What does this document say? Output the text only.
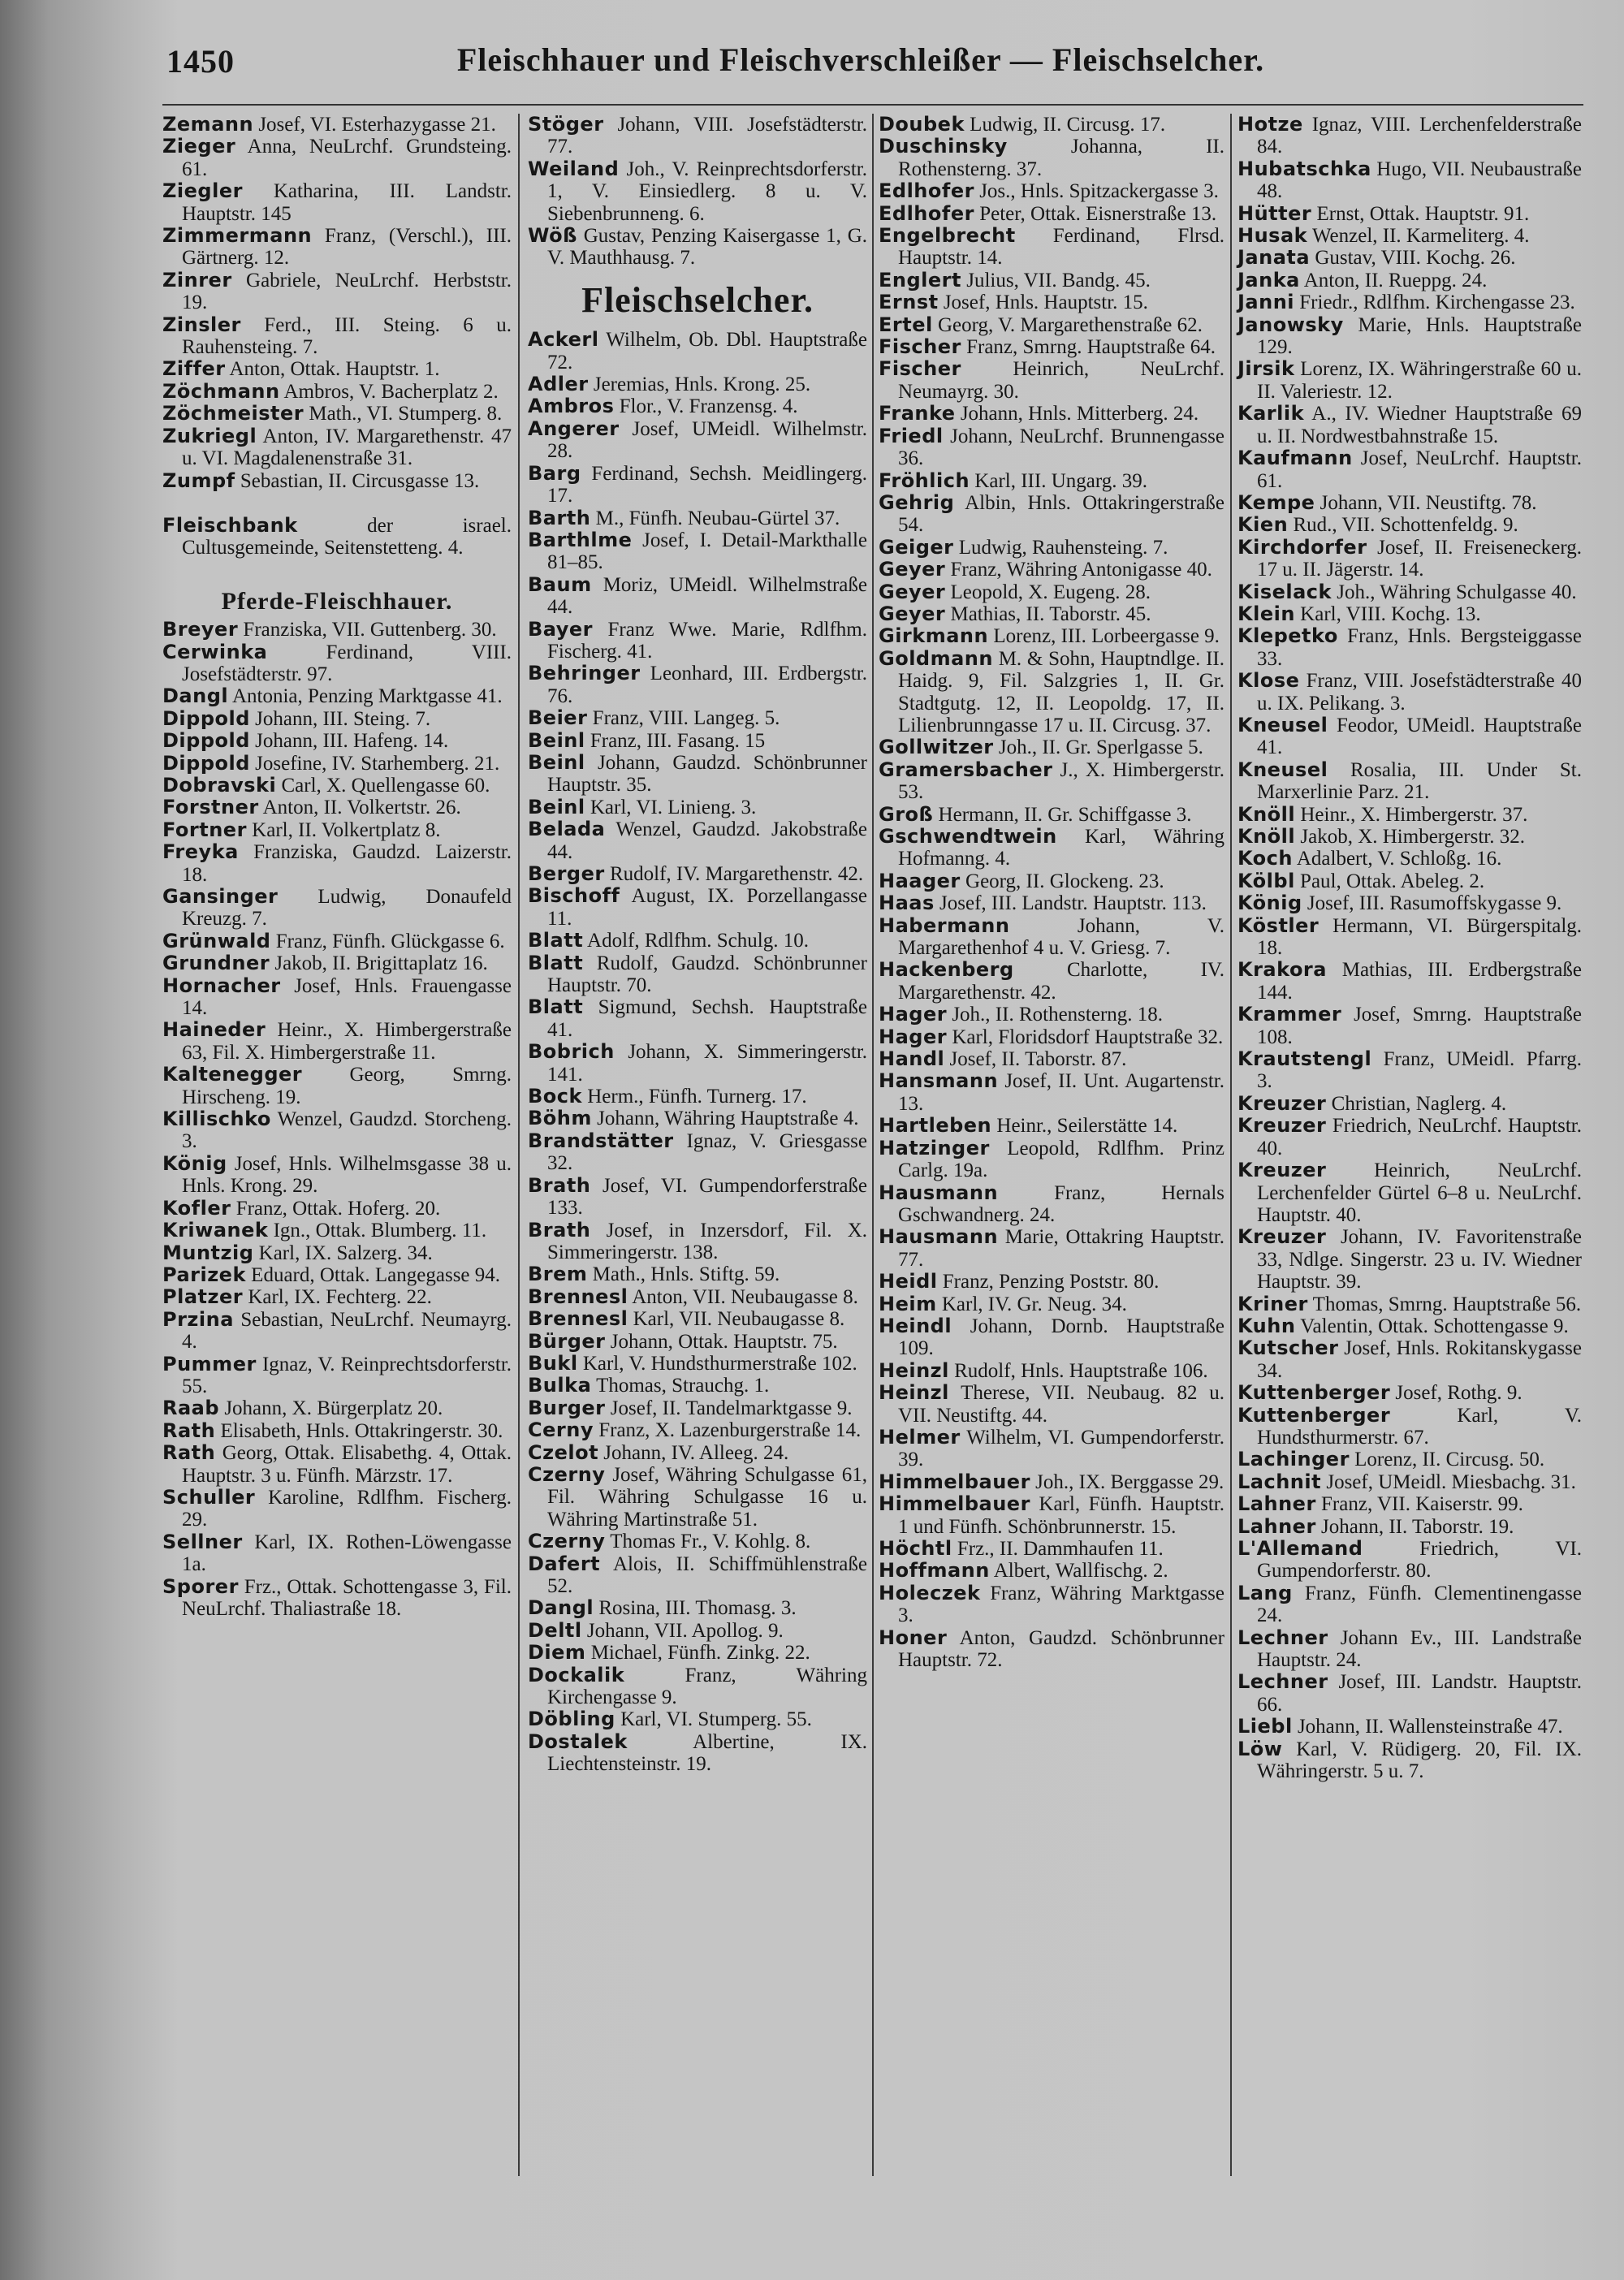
1450	Fleischhauer und Fleischverschleißer — Fleischselcher.
Zemann Josef, VI. Esterhazygasse 21.
Zieger Anna, NeuLrchf. Grundsteing. 61.
Ziegler Katharina, III. Landstr. Hauptstr. 145
Zimmermann Franz, (Verschl.), III. Gärtnerg. 12.
Zinrer Gabriele, NeuLrchf. Herbststr. 19.
Zinsler Ferd., III. Steing. 6 u. Rauhensteing. 7.
Ziffer Anton, Ottak. Hauptstr. 1.
Zöchmann Ambros, V. Bacherplatz 2.
Zöchmeister Math., VI. Stumperg. 8.
Zukriegl Anton, IV. Margarethenstr. 47 u. VI. Magdalenenstraße 31.
Zumpf Sebastian, II. Circusgasse 13.
Fleischbank	der israel. Cultusgemeinde, Seitenstetteng. 4.
Pferde-Fleischhauer.
Breyer Franziska, VII. Guttenberg. 30.
Cerwinka	Ferdinand, VIII. Josefstädterstr. 97.
Dangl Antonia, Penzing Marktgasse 41.
Dippold Johann, III. Steing. 7.
Dippold Johann, III. Hafeng. 14.
Dippold Josefine, IV. Starhemberg. 21.
Dobravski Carl, X. Quellengasse 60.
Forstner Anton, II. Volkertstr. 26.
Fortner Karl, II. Volkertplatz 8.
Freyka Franziska, Gaudzd. Laizerstr. 18.
Gansinger Ludwig, Donaufeld Kreuzg. 7.
Grünwald Franz, Fünfh. Glückgasse 6.
Grundner Jakob, II. Brigittaplatz 16.
Hornacher Josef, Hnls. Frauengasse 14.
Haineder Heinr., X. Himbergerstraße 63, Fil. X. Himbergerstraße 11.
Kaltenegger Georg, Smrng. Hirscheng. 19.
Killischko Wenzel, Gaudzd. Storcheng. 3.
König Josef, Hnls. Wilhelmsgasse 38 u. Hnls. Krong. 29.
Kofler Franz, Ottak. Hoferg. 20.
Kriwanek Ign., Ottak. Blumberg. 11.
Muntzig Karl, IX. Salzerg. 34.
Parizek Eduard, Ottak. Langegasse 94.
Platzer Karl, IX. Fechterg. 22.
Przina Sebastian, NeuLrchf. Neumayrg. 4.
Pummer Ignaz, V. Reinprechtsdorferstr. 55.
Raab Johann, X. Bürgerplatz 20.
Rath Elisabeth, Hnls. Ottakringerstr. 30.
Rath Georg, Ottak. Elisabethg. 4, Ottak. Hauptstr. 3 u. Fünfh. Märzstr. 17.
Schuller Karoline, Rdlfhm. Fischerg. 29.
Sellner Karl, IX. Rothen-Löwengasse 1a.
Sporer Frz., Ottak. Schottengasse 3, Fil. NeuLrchf. Thaliastraße 18.
Stöger Johann, VIII. Josefstädterstr. 77.
Weiland Joh., V. Reinprechtsdorferstr. 1, V. Einsiedlerg. 8 u. V. Siebenbrunneng. 6.
Wöß Gustav, Penzing Kaisergasse 1, G. V. Mauthhausg. 7.
Fleischselcher.
Ackerl Wilhelm, Ob. Dbl. Hauptstraße 72.
Adler Jeremias, Hnls. Krong. 25.
Ambros Flor., V. Franzensg. 4.
Angerer Josef, UMeidl. Wilhelmstr. 28.
Barg Ferdinand, Sechsh. Meidlingerg. 17.
Barth M., Fünfh. Neubau-Gürtel 37.
Barthlme Josef, I. Detail-Markthalle 81–85.
Baum Moriz, UMeidl. Wilhelmstraße 44.
Bayer Franz Wwe. Marie, Rdlfhm. Fischerg. 41.
Behringer Leonhard, III. Erdbergstr. 76.
Beier Franz, VIII. Langeg. 5.
Beinl Franz, III. Fasang. 15
Beinl Johann, Gaudzd. Schönbrunner Hauptstr. 35.
Beinl Karl, VI. Linieng. 3.
Belada Wenzel, Gaudzd. Jakobstraße 44.
Berger Rudolf, IV. Margarethenstr. 42.
Bischoff August, IX. Porzellangasse 11.
Blatt Adolf, Rdlfhm. Schulg. 10.
Blatt Rudolf, Gaudzd. Schönbrunner Hauptstr. 70.
Blatt Sigmund, Sechsh. Hauptstraße 41.
Bobrich Johann, X. Simmeringerstr. 141.
Bock Herm., Fünfh. Turnerg. 17.
Böhm Johann, Währing Hauptstraße 4.
Brandstätter Ignaz, V. Griesgasse 32.
Brath Josef, VI. Gumpendorferstraße 133.
Brath Josef, in Inzersdorf, Fil. X. Simmeringerstr. 138.
Brem Math., Hnls. Stiftg. 59.
Brennesl Anton, VII. Neubaugasse 8.
Brennesl Karl, VII. Neubaugasse 8.
Bürger Johann, Ottak. Hauptstr. 75.
Bukl Karl, V. Hundsthurmerstraße 102.
Bulka Thomas, Strauchg. 1.
Burger Josef, II. Tandelmarktgasse 9.
Cerny Franz, X. Lazenburgerstraße 14.
Czelot Johann, IV. Alleeg. 24.
Czerny Josef, Währing Schulgasse 61, Fil. Währing Schulgasse 16 u. Währing Martinstraße 51.
Czerny Thomas Fr., V. Kohlg. 8.
Dafert Alois, II. Schiffmühlenstraße 52.
Dangl Rosina, III. Thomasg. 3.
Deltl Johann, VII. Apollog. 9.
Diem Michael, Fünfh. Zinkg. 22.
Dockalik	Franz, Währing Kirchengasse 9.
Döbling Karl, VI. Stumperg. 55.
Dostalek	Albertine, IX. Liechtensteinstr. 19.
Doubek Ludwig, II. Circusg. 17.
Duschinsky	Johanna, II. Rothensterng. 37.
Edlhofer Jos., Hnls. Spitzackergasse 3.
Edlhofer Peter, Ottak. Eisnerstraße 13.
Engelbrecht Ferdinand, Flrsd. Hauptstr. 14.
Englert Julius, VII. Bandg. 45.
Ernst Josef, Hnls. Hauptstr. 15.
Ertel Georg, V. Margarethenstraße 62.
Fischer Franz, Smrng. Hauptstraße 64.
Fischer	Heinrich, NeuLrchf. Neumayrg. 30.
Franke Johann, Hnls. Mitterberg. 24.
Friedl Johann, NeuLrchf. Brunnengasse 36.
Fröhlich Karl, III. Ungarg. 39.
Gehrig Albin, Hnls. Ottakringerstraße 54.
Geiger Ludwig, Rauhensteing. 7.
Geyer Franz, Währing Antonigasse 40.
Geyer Leopold, X. Eugeng. 28.
Geyer Mathias, II. Taborstr. 45.
Girkmann Lorenz, III. Lorbeergasse 9.
Goldmann M. & Sohn, Hauptndlge. II. Haidg. 9, Fil. Salzgries 1, II. Gr. Stadtgutg. 12, II. Leopoldg. 17, II. Lilienbrunngasse 17 u. II. Circusg. 37.
Gollwitzer Joh., II. Gr. Sperlgasse 5.
Gramersbacher J., X. Himbergerstr. 53.
Groß Hermann, II. Gr. Schiffgasse 3.
Gschwendtwein Karl, Währing Hofmanng. 4.
Haager Georg, II. Glockeng. 23.
Haas Josef, III. Landstr. Hauptstr. 113.
Habermann	Johann, V. Margarethenhof 4 u. V. Griesg. 7.
Hackenberg	Charlotte, IV. Margarethenstr. 42.
Hager Joh., II. Rothensterng. 18.
Hager Karl, Floridsdorf Hauptstraße 32.
Handl Josef, II. Taborstr. 87.
Hansmann Josef, II. Unt. Augartenstr. 13.
Hartleben Heinr., Seilerstätte 14.
Hatzinger Leopold, Rdlfhm. Prinz Carlg. 19a.
Hausmann	Franz, Hernals Gschwandnerg. 24.
Hausmann Marie, Ottakring Hauptstr. 77.
Heidl Franz, Penzing Poststr. 80.
Heim Karl, IV. Gr. Neug. 34.
Heindl Johann, Dornb. Hauptstraße 109.
Heinzl Rudolf, Hnls. Hauptstraße 106.
Heinzl Therese, VII. Neubaug. 82 u. VII. Neustiftg. 44.
Helmer Wilhelm, VI. Gumpendorferstr. 39.
Himmelbauer Joh., IX. Berggasse 29.
Himmelbauer Karl, Fünfh. Hauptstr. 1 und Fünfh. Schönbrunnerstr. 15.
Höchtl Frz., II. Dammhaufen 11.
Hoffmann Albert, Wallfischg. 2.
Holeczek Franz, Währing Marktgasse 3.
Honer Anton, Gaudzd. Schönbrunner Hauptstr. 72.
Hotze Ignaz, VIII. Lerchenfelderstraße 84.
Hubatschka Hugo, VII. Neubaustraße 48.
Hütter Ernst, Ottak. Hauptstr. 91.
Husak Wenzel, II. Karmeliterg. 4.
Janata Gustav, VIII. Kochg. 26.
Janka Anton, II. Rueppg. 24.
Janni Friedr., Rdlfhm. Kirchengasse 23.
Janowsky Marie, Hnls. Hauptstraße 129.
Jirsik Lorenz, IX. Währingerstraße 60 u. II. Valeriestr. 12.
Karlik A., IV. Wiedner Hauptstraße 69 u. II. Nordwestbahnstraße 15.
Kaufmann Josef, NeuLrchf. Hauptstr. 61.
Kempe Johann, VII. Neustiftg. 78.
Kien Rud., VII. Schottenfeldg. 9.
Kirchdorfer Josef, II. Freiseneckerg. 17 u. II. Jägerstr. 14.
Kiselack Joh., Währing Schulgasse 40.
Klein Karl, VIII. Kochg. 13.
Klepetko Franz, Hnls. Bergsteiggasse 33.
Klose Franz, VIII. Josefstädterstraße 40 u. IX. Pelikang. 3.
Kneusel Feodor, UMeidl. Hauptstraße 41.
Kneusel Rosalia, III. Under St. Marxerlinie Parz. 21.
Knöll Heinr., X. Himbergerstr. 37.
Knöll Jakob, X. Himbergerstr. 32.
Koch Adalbert, V. Schloßg. 16.
Kölbl Paul, Ottak. Abeleg. 2.
König Josef, III. Rasumoffskygasse 9.
Köstler Hermann, VI. Bürgerspitalg. 18.
Krakora Mathias, III. Erdbergstraße 144.
Krammer Josef, Smrng. Hauptstraße 108.
Krautstengl Franz, UMeidl. Pfarrg. 3.
Kreuzer Christian, Naglerg. 4.
Kreuzer Friedrich, NeuLrchf. Hauptstr. 40.
Kreuzer Heinrich, NeuLrchf. Lerchenfelder Gürtel 6–8 u. NeuLrchf. Hauptstr. 40.
Kreuzer Johann, IV. Favoritenstraße 33, Ndlge. Singerstr. 23 u. IV. Wiedner Hauptstr. 39.
Kriner Thomas, Smrng. Hauptstraße 56.
Kuhn Valentin, Ottak. Schottengasse 9.
Kutscher Josef, Hnls. Rokitanskygasse 34.
Kuttenberger Josef, Rothg. 9.
Kuttenberger	Karl, V. Hundsthurmerstr. 67.
Lachinger Lorenz, II. Circusg. 50.
Lachnit Josef, UMeidl. Miesbachg. 31.
Lahner Franz, VII. Kaiserstr. 99.
Lahner Johann, II. Taborstr. 19.
L'Allemand	Friedrich, VI. Gumpendorferstr. 80.
Lang Franz, Fünfh. Clementinengasse 24.
Lechner Johann Ev., III. Landstraße Hauptstr. 24.
Lechner Josef, III. Landstr. Hauptstr. 66.
Liebl Johann, II. Wallensteinstraße 47.
Löw Karl, V. Rüdigerg. 20, Fil. IX. Währingerstr. 5 u. 7.
